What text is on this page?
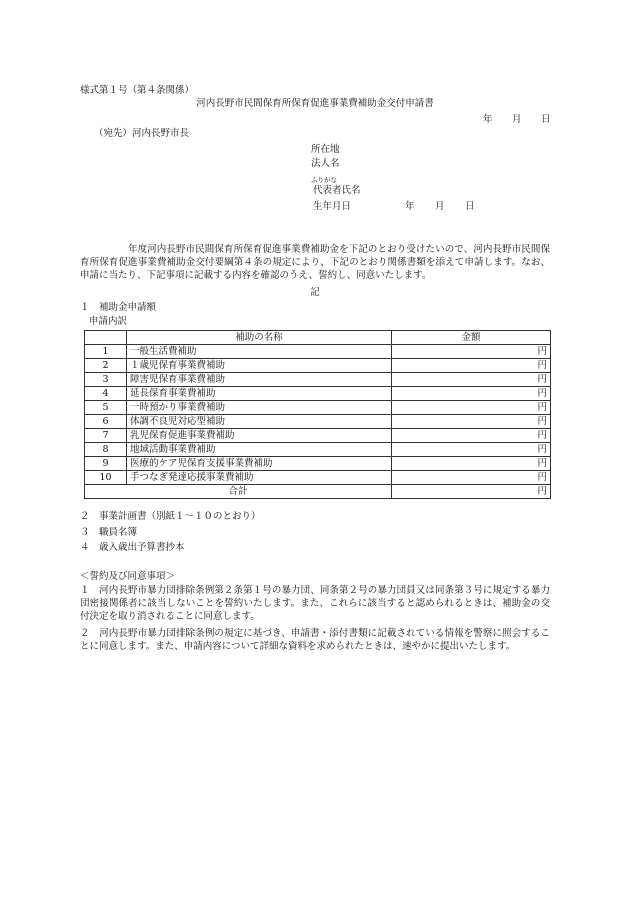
様式第１号（第４条関係）
河内長野市民間保育所保育促進事業費補助金交付申請書
年 月 日
（宛先）河内長野市長
所在地
法人名
ふりがな
代表者氏名
生年月日	年 月 日
年度河内長野市民間保育所保育促進事業費補助金を下記のとおり受けたいので、河内長野市民間保育所保育促進事業費補助金交付要綱第４条の規定により、下記のとおり関係書類を添えて申請します。なお、申請に当たり、下記事項に記載する内容を確認のうえ、誓約し、同意いたします。
記
１　補助金申請額
申請内訳
	補助の名称	金額
1	一般生活費補助	円
2	１歳児保育事業費補助	円
3	障害児保育事業費補助	円
4	延長保育事業費補助	円
5	一時預かり事業費補助	円
6	体調不良児対応型補助	円
7	乳児保育促進事業費補助	円
8	地域活動事業費補助	円
9	医療的ケア児保育支援事業費補助	円
10	手つなぎ発達応援事業費補助	円
合計		円
２　事業計画書（別紙１～１０のとおり）
３　職員名簿
４　歳入歳出予算書抄本
＜誓約及び同意事項＞
１　河内長野市暴力団排除条例第２条第１号の暴力団、同条第２号の暴力団員又は同条第３号に規定する暴力団密接関係者に該当しないことを誓約いたします。また、これらに該当すると認められるときは、補助金の交付決定を取り消されることに同意します。
２　河内長野市暴力団排除条例の規定に基づき、申請書・添付書類に記載されている情報を警察に照会することに同意します。また、申請内容について詳細な資料を求められたときは、速やかに提出いたします。
